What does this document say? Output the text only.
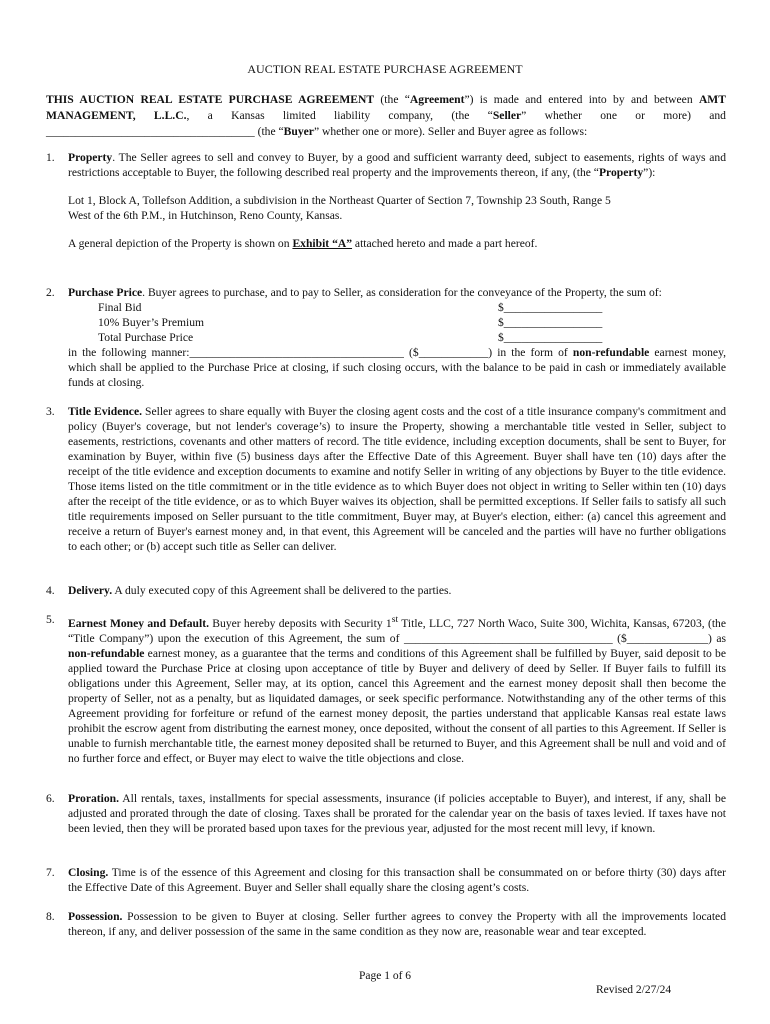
AUCTION REAL ESTATE PURCHASE AGREEMENT
THIS AUCTION REAL ESTATE PURCHASE AGREEMENT (the “Agreement”) is made and entered into by and between AMT MANAGEMENT, L.L.C., a Kansas limited liability company, (the “Seller” whether one or more) and ____________________________________ (the “Buyer” whether one or more). Seller and Buyer agree as follows:
1.	Property. The Seller agrees to sell and convey to Buyer, by a good and sufficient warranty deed, subject to easements, rights of ways and restrictions acceptable to Buyer, the following described real property and the improvements thereon, if any, (the “Property”):
Lot 1, Block A, Tollefson Addition, a subdivision in the Northeast Quarter of Section 7, Township 23 South, Range 5
West of the 6th P.M., in Hutchinson, Reno County, Kansas.
A general depiction of the Property is shown on Exhibit “A” attached hereto and made a part hereof.
2.	Purchase Price. Buyer agrees to purchase, and to pay to Seller, as consideration for the conveyance of the Property, the sum of:
Final Bid	$_________________
10% Buyer’s Premium	$_________________
Total Purchase Price	$_________________
in the following manner:_____________________________________ ($____________) in the form of non-refundable earnest money, which shall be applied to the Purchase Price at closing, if such closing occurs, with the balance to be paid in cash or immediately available funds at closing.
3.	Title Evidence. Seller agrees to share equally with Buyer the closing agent costs and the cost of a title insurance company's commitment and policy (Buyer's coverage, but not lender's coverage’s) to insure the Property, showing a merchantable title vested in Seller, subject to easements, restrictions, covenants and other matters of record. The title evidence, including exception documents, shall be sent to Buyer, for examination by Buyer, within five (5) business days after the Effective Date of this Agreement. Buyer shall have ten (10) days after the receipt of the title evidence and exception documents to examine and notify Seller in writing of any objections by Buyer to the title evidence. Those items listed on the title commitment or in the title evidence as to which Buyer does not object in writing to Seller within ten (10) days after the receipt of the title evidence, or as to which Buyer waives its objection, shall be permitted exceptions. If Seller fails to satisfy all such title requirements imposed on Seller pursuant to the title commitment, Buyer may, at Buyer's election, either: (a) cancel this agreement and receive a return of Buyer's earnest money and, in that event, this Agreement will be canceled and the parties will have no further obligations to each other; or (b) accept such title as Seller can deliver.
4.	Delivery. A duly executed copy of this Agreement shall be delivered to the parties.
5.	Earnest Money and Default. Buyer hereby deposits with Security 1st Title, LLC, 727 North Waco, Suite 300, Wichita, Kansas, 67203, (the “Title Company”) upon the execution of this Agreement, the sum of ____________________________________ ($______________) as non-refundable earnest money, as a guarantee that the terms and conditions of this Agreement shall be fulfilled by Buyer, said deposit to be applied toward the Purchase Price at closing upon acceptance of title by Buyer and delivery of deed by Seller. If Buyer fails to fulfill its obligations under this Agreement, Seller may, at its option, cancel this Agreement and the earnest money deposit shall then become the property of Seller, not as a penalty, but as liquidated damages, or seek specific performance. Notwithstanding any of the other terms of this Agreement providing for forfeiture or refund of the earnest money deposit, the parties understand that applicable Kansas real estate laws prohibit the escrow agent from distributing the earnest money, once deposited, without the consent of all parties to this Agreement. If Seller is unable to furnish merchantable title, the earnest money deposited shall be returned to Buyer, and this Agreement shall be null and void and of no further force and effect, or Buyer may elect to waive the title objections and close.
6.	Proration. All rentals, taxes, installments for special assessments, insurance (if policies acceptable to Buyer), and interest, if any, shall be adjusted and prorated through the date of closing. Taxes shall be prorated for the calendar year on the basis of taxes levied. If taxes have not been levied, then they will be prorated based upon taxes for the previous year, adjusted for the most recent mill levy, if known.
7.	Closing. Time is of the essence of this Agreement and closing for this transaction shall be consummated on or before thirty (30) days after the Effective Date of this Agreement. Buyer and Seller shall equally share the closing agent’s costs.
8.	Possession. Possession to be given to Buyer at closing. Seller further agrees to convey the Property with all the improvements located thereon, if any, and deliver possession of the same in the same condition as they now are, reasonable wear and tear excepted.
Page 1 of 6
Revised 2/27/24
